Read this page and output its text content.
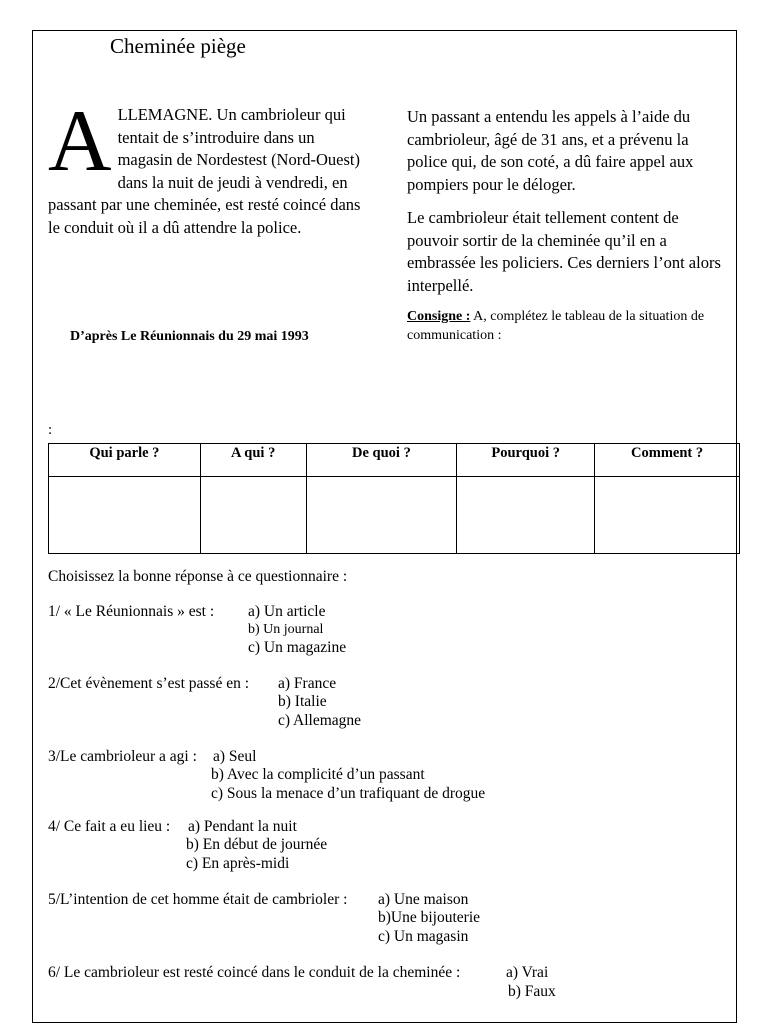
Cheminée piège
ALLEMAGNE. Un cambrioleur qui tentait de s’introduire dans un magasin de Nordestest (Nord-Ouest) dans la nuit de jeudi à vendredi, en passant par une cheminée, est resté coincé dans le conduit où il a dû attendre la police.
D’après Le Réunionnais du 29 mai 1993

Un passant a entendu les appels à l’aide du cambrioleur, âgé de 31 ans, et a prévenu la police qui, de son coté, a dû faire appel aux pompiers pour le déloger.

Le cambrioleur était tellement content de pouvoir sortir de la cheminée qu’il en a embrassée les policiers. Ces derniers l’ont alors interpellé.

Consigne : A, complétez le tableau de la situation de communication :
:
Qui parle ?	A qui ?	De quoi ?	Pourquoi ?	Comment ?

Choisissez la bonne réponse à ce questionnaire :
1/ « Le Réunionnais » est : a) Un article
b) Un journal
c) Un magazine
2/Cet évènement s’est passé en : a) France
b) Italie
c) Allemagne
3/Le cambrioleur a agi : a) Seul
b) Avec la complicité d’un passant
c) Sous la menace d’un trafiquant de drogue
4/ Ce fait a eu lieu : a) Pendant la nuit
b) En début de journée
c) En après-midi
5/L’intention de cet homme était de cambrioler : a) Une maison
b)Une bijouterie
c) Un magasin
6/ Le cambrioleur est resté coincé dans le conduit de la cheminée :	a) Vrai
b) Faux
